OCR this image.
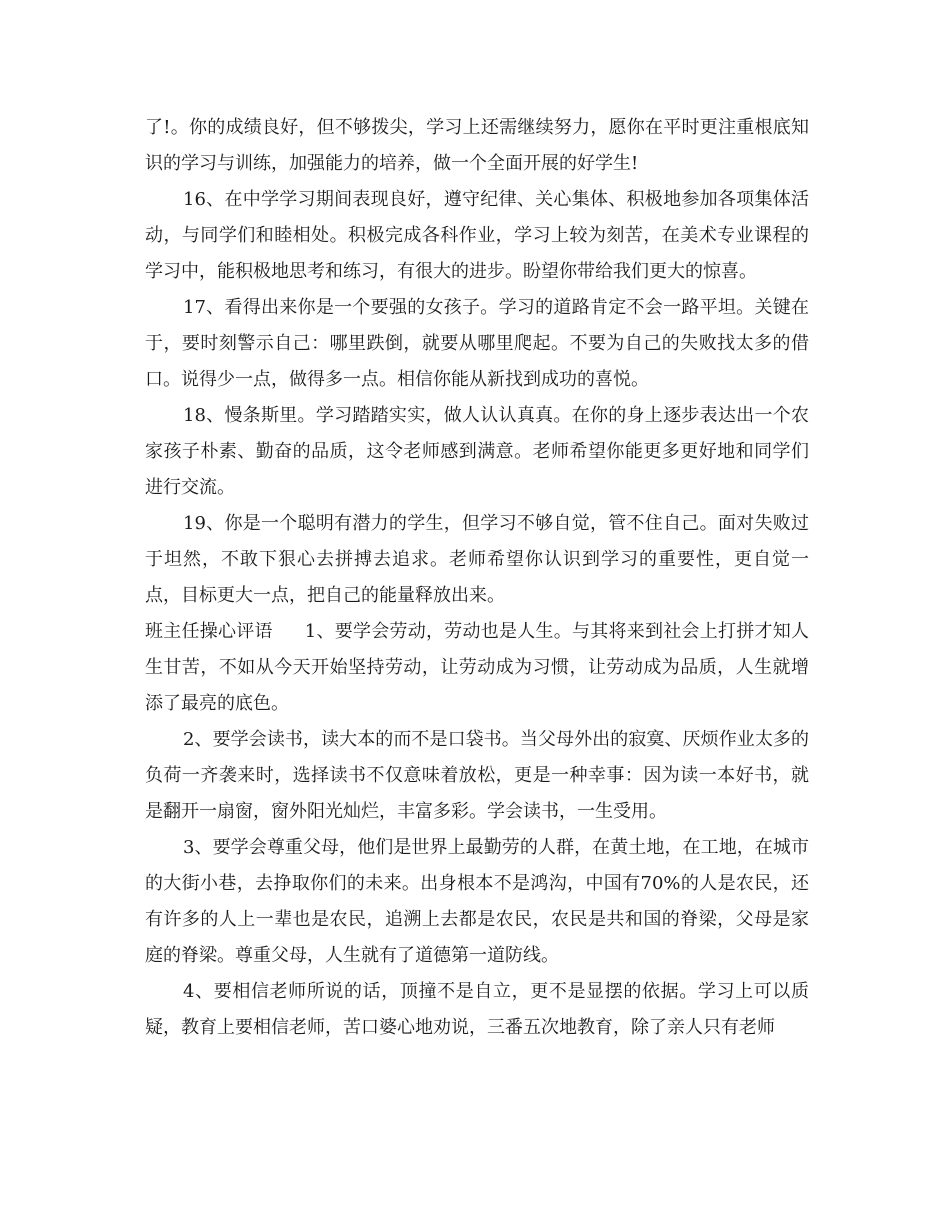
了!。你的成绩良好，但不够拨尖，学习上还需继续努力，愿你在平时更注重根底知识的学习与训练，加强能力的培养，做一个全面开展的好学生!

16、在中学学习期间表现良好，遵守纪律、关心集体、积极地参加各项集体活动，与同学们和睦相处。积极完成各科作业，学习上较为刻苦，在美术专业课程的学习中，能积极地思考和练习，有很大的进步。盼望你带给我们更大的惊喜。

17、看得出来你是一个要强的女孩子。学习的道路肯定不会一路平坦。关键在于，要时刻警示自己：哪里跌倒，就要从哪里爬起。不要为自己的失败找太多的借口。说得少一点，做得多一点。相信你能从新找到成功的喜悦。

18、慢条斯里。学习踏踏实实，做人认认真真。在你的身上逐步表达出一个农家孩子朴素、勤奋的品质，这令老师感到满意。老师希望你能更多更好地和同学们进行交流。

19、你是一个聪明有潜力的学生，但学习不够自觉，管不住自己。面对失败过于坦然，不敢下狠心去拼搏去追求。老师希望你认识到学习的重要性，更自觉一点，目标更大一点，把自己的能量释放出来。

班主任操心评语 1、要学会劳动，劳动也是人生。与其将来到社会上打拼才知人生甘苦，不如从今天开始坚持劳动，让劳动成为习惯，让劳动成为品质，人生就增添了最亮的底色。

2、要学会读书，读大本的而不是口袋书。当父母外出的寂寞、厌烦作业太多的负荷一齐袭来时，选择读书不仅意味着放松，更是一种幸事：因为读一本好书，就是翻开一扇窗，窗外阳光灿烂，丰富多彩。学会读书，一生受用。

3、要学会尊重父母，他们是世界上最勤劳的人群，在黄土地，在工地，在城市的大街小巷，去挣取你们的未来。出身根本不是鸿沟，中国有70%的人是农民，还有许多的人上一辈也是农民，追溯上去都是农民，农民是共和国的脊梁，父母是家庭的脊梁。尊重父母，人生就有了道德第一道防线。

4、要相信老师所说的话，顶撞不是自立，更不是显摆的依据。学习上可以质疑，教育上要相信老师，苦口婆心地劝说，三番五次地教育，除了亲人只有老师
